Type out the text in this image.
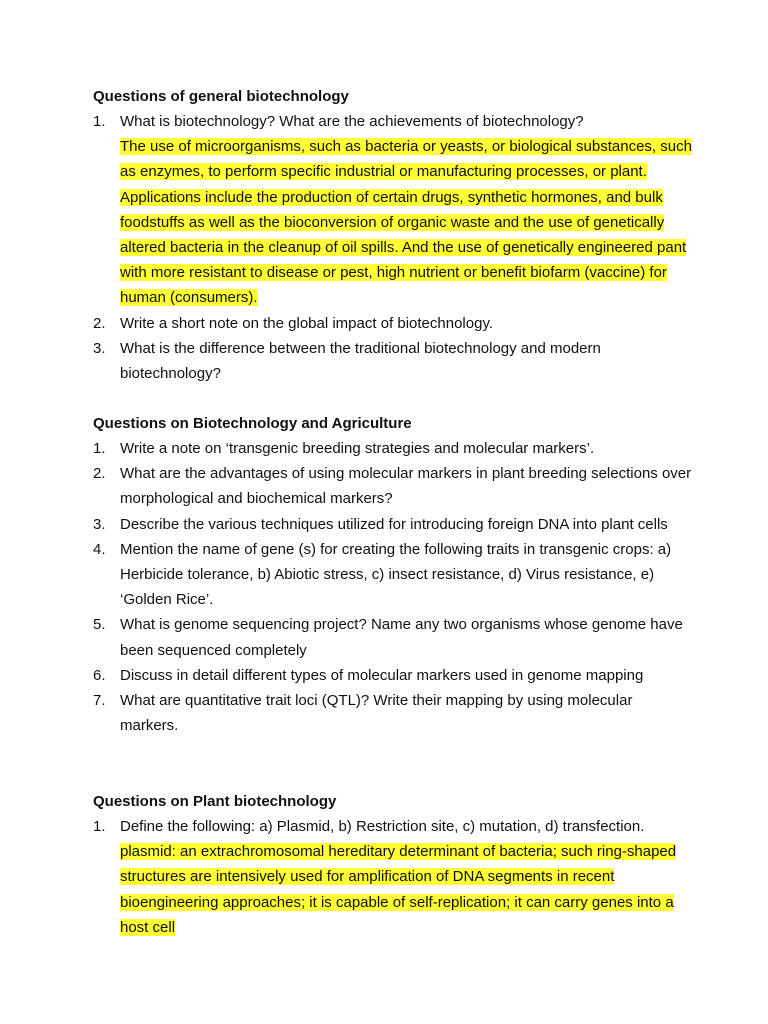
Questions of general biotechnology

1. What is biotechnology? What are the achievements of biotechnology?
The use of microorganisms, such as bacteria or yeasts, or biological substances, such as enzymes, to perform specific industrial or manufacturing processes, or plant. Applications include the production of certain drugs, synthetic hormones, and bulk foodstuffs as well as the bioconversion of organic waste and the use of genetically altered bacteria in the cleanup of oil spills. And the use of genetically engineered pant with more resistant to disease or pest, high nutrient or benefit biofarm (vaccine) for human (consumers).
2. Write a short note on the global impact of biotechnology.
3. What is the difference between the traditional biotechnology and modern biotechnology?

Questions on Biotechnology and Agriculture

1. Write a note on ‘transgenic breeding strategies and molecular markers’.
2. What are the advantages of using molecular markers in plant breeding selections over morphological and biochemical markers?
3. Describe the various techniques utilized for introducing foreign DNA into plant cells
4. Mention the name of gene (s) for creating the following traits in transgenic crops: a) Herbicide tolerance, b) Abiotic stress, c) insect resistance, d) Virus resistance, e) ‘Golden Rice’.
5. What is genome sequencing project? Name any two organisms whose genome have been sequenced completely
6. Discuss in detail different types of molecular markers used in genome mapping
7. What are quantitative trait loci (QTL)? Write their mapping by using molecular markers.

Questions on Plant biotechnology

1. Define the following: a) Plasmid, b) Restriction site, c) mutation, d) transfection.
plasmid: an extrachromosomal hereditary determinant of bacteria; such ring-shaped structures are intensively used for amplification of DNA segments in recent bioengineering approaches; it is capable of self-replication; it can carry genes into a host cell
